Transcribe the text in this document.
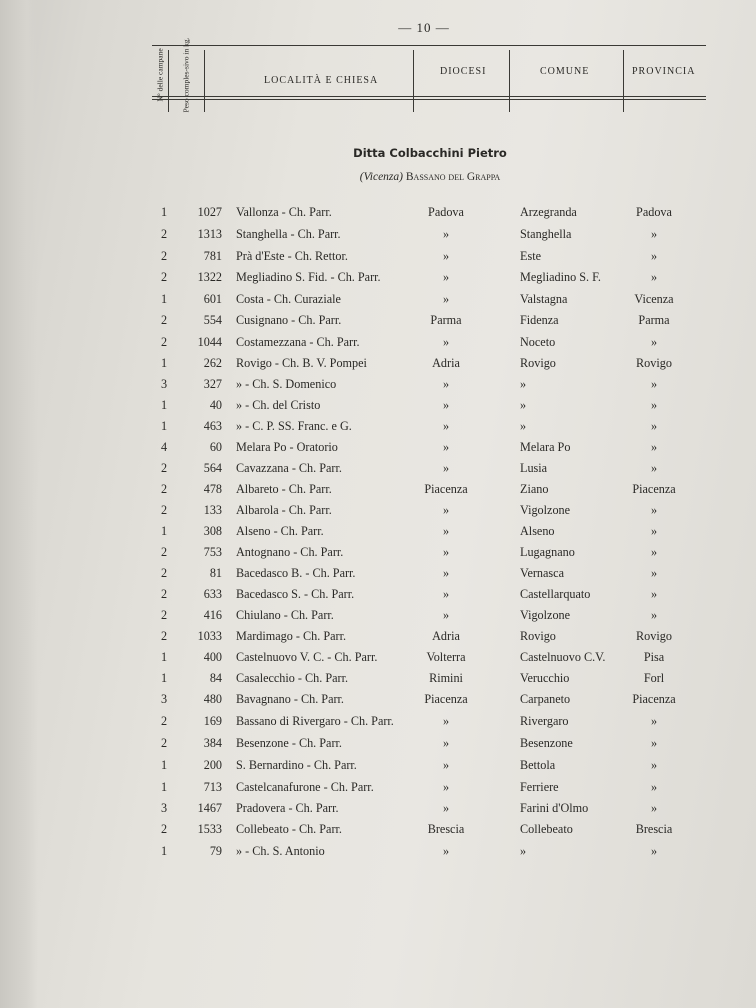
— 10 —
N° delle campane Peso comples-sivo in kg.	LOCALITÀ E CHIESA
DIOCESI	COMUNE	PROVINCIA
Ditta Colbacchini Pietro
(Vicenza) Bassano del Grappa
1	1027 Vallonza - Ch. Parr.	Padova	Arzegranda	Padova
2	1313 Stanghella - Ch. Parr.	»	Stanghella	»
2	781 Prà d'Este - Ch. Rettor.	»	Este	»
2	1322 Megliadino S. Fid. - Ch. Parr.	»	Megliadino S. F.	»
1	601 Costa - Ch. Curaziale	»	Valstagna	Vicenza
2	554 Cusignano - Ch. Parr.	Parma	Fidenza	Parma
2	1044 Costamezzana - Ch. Parr.	»	Noceto	»
1	262 Rovigo - Ch. B. V. Pompei	Adria	Rovigo	Rovigo
3	327 » - Ch. S. Domenico	»	»	»
1	40 » - Ch. del Cristo	»	»	»
1	463 » - C. P. SS. Franc. e G.	»	»	»
4	60 Melara Po - Oratorio	»	Melara Po	»
2	564 Cavazzana - Ch. Parr.	»	Lusia	»
2	478 Albareto - Ch. Parr.	Piacenza	Ziano	Piacenza
2	133 Albarola - Ch. Parr.	»	Vigolzone	»
1	308 Alseno - Ch. Parr.	»	Alseno	»
2	753 Antognano - Ch. Parr.	»	Lugagnano	»
2	81 Bacedasco B. - Ch. Parr.	»	Vernasca	»
2	633 Bacedasco S. - Ch. Parr.	»	Castellarquato	»
2	416 Chiulano - Ch. Parr.	»	Vigolzone	»
2	1033 Mardimago - Ch. Parr.	Adria	Rovigo	Rovigo
1	400 Castelnuovo V. C. - Ch. Parr.	Volterra	Castelnuovo C.V.	Pisa
1	84 Casalecchio - Ch. Parr.	Rimini	Verucchio	Forl
3	480 Bavagnano - Ch. Parr.	Piacenza	Carpaneto	Piacenza
2	169 Bassano di Rivergaro - Ch. Parr.	»	Rivergaro	»
2	384 Besenzone - Ch. Parr.	»	Besenzone	»
1	200 S. Bernardino - Ch. Parr.	»	Bettola	»
1	713 Castelcanafurone - Ch. Parr.	»	Ferriere	»
3	1467 Pradovera - Ch. Parr.	»	Farini d'Olmo	»
2	1533 Collebeato - Ch. Parr.	Brescia	Collebeato	Brescia
1	79 » - Ch. S. Antonio	»	»	»
